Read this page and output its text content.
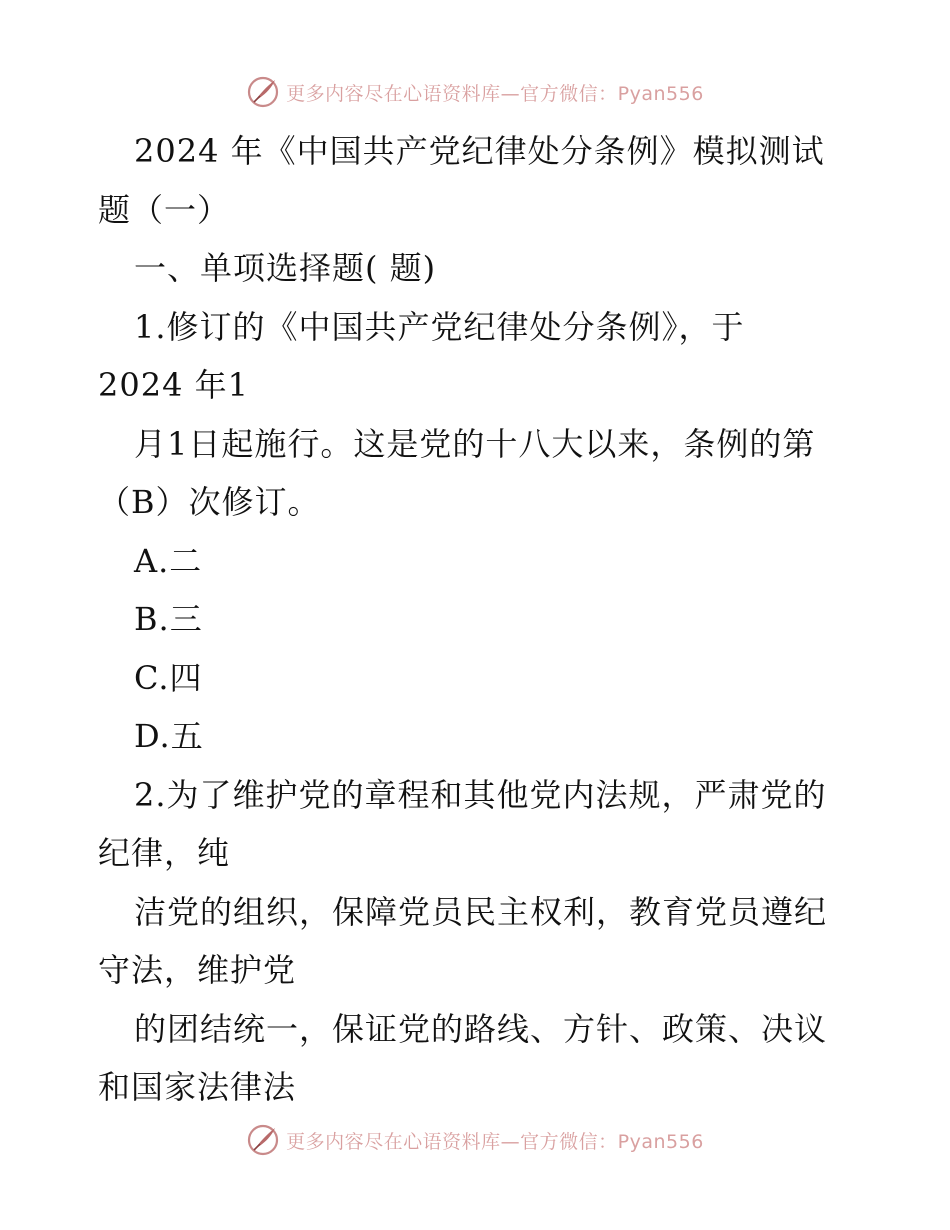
更多内容尽在心语资料库—官方微信：Pyan556
2024 年《中国共产党纪律处分条例》模拟测试
题（一）
一、单项选择题( 题)
1.修订的《中国共产党纪律处分条例》，于
2024 年1
月1日起施行。这是党的十八大以来，条例的第
（B）次修订。
A.二
B.三
C.四
D.五
2.为了维护党的章程和其他党内法规，严肃党的
纪律，纯
洁党的组织，保障党员民主权利，教育党员遵纪
守法，维护党
的团结统一，保证党的路线、方针、政策、决议
和国家法律法
更多内容尽在心语资料库—官方微信：Pyan556
